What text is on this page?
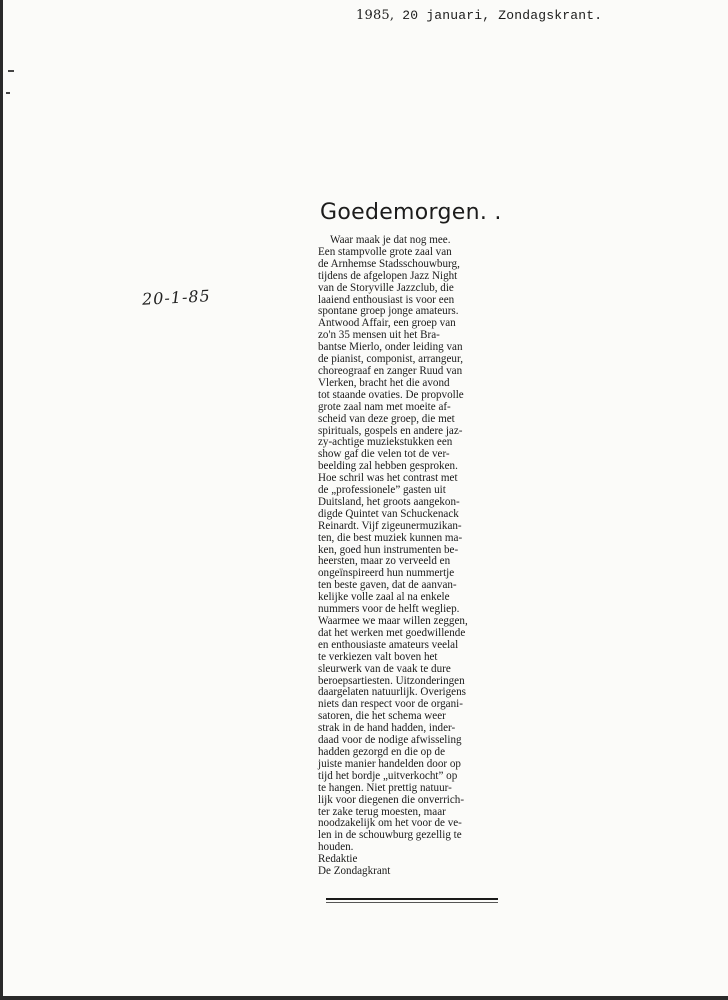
1985, 20 januari, Zondagskrant.
20-1-85
Goedemorgen. .
Waar maak je dat nog mee.
Een stampvolle grote zaal van
de Arnhemse Stadsschouwburg,
tijdens de afgelopen Jazz Night
van de Storyville Jazzclub, die
laaiend enthousiast is voor een
spontane groep jonge amateurs.
Antwood Affair, een groep van
zo'n 35 mensen uit het Bra-
bantse Mierlo, onder leiding van
de pianist, componist, arrangeur,
choreograaf en zanger Ruud van
Vlerken, bracht het die avond
tot staande ovaties. De propvolle
grote zaal nam met moeite af-
scheid van deze groep, die met
spirituals, gospels en andere jaz-
zy-achtige muziekstukken een
show gaf die velen tot de ver-
beelding zal hebben gesproken.
Hoe schril was het contrast met
de „professionele” gasten uit
Duitsland, het groots aangekon-
digde Quintet van Schuckenack
Reinardt. Vijf zigeunermuzikan-
ten, die best muziek kunnen ma-
ken, goed hun instrumenten be-
heersten, maar zo verveeld en
ongeïnspireerd hun nummertje
ten beste gaven, dat de aanvan-
kelijke volle zaal al na enkele
nummers voor de helft wegliep.
Waarmee we maar willen zeggen,
dat het werken met goedwillende
en enthousiaste amateurs veelal
te verkiezen valt boven het
sleurwerk van de vaak te dure
beroepsartiesten. Uitzonderingen
daargelaten natuurlijk. Overigens
niets dan respect voor de organi-
satoren, die het schema weer
strak in de hand hadden, inder-
daad voor de nodige afwisseling
hadden gezorgd en die op de
juiste manier handelden door op
tijd het bordje „uitverkocht” op
te hangen. Niet prettig natuur-
lijk voor diegenen die onverrich-
ter zake terug moesten, maar
noodzakelijk om het voor de ve-
len in de schouwburg gezellig te
houden.
Redaktie
De Zondagkrant
